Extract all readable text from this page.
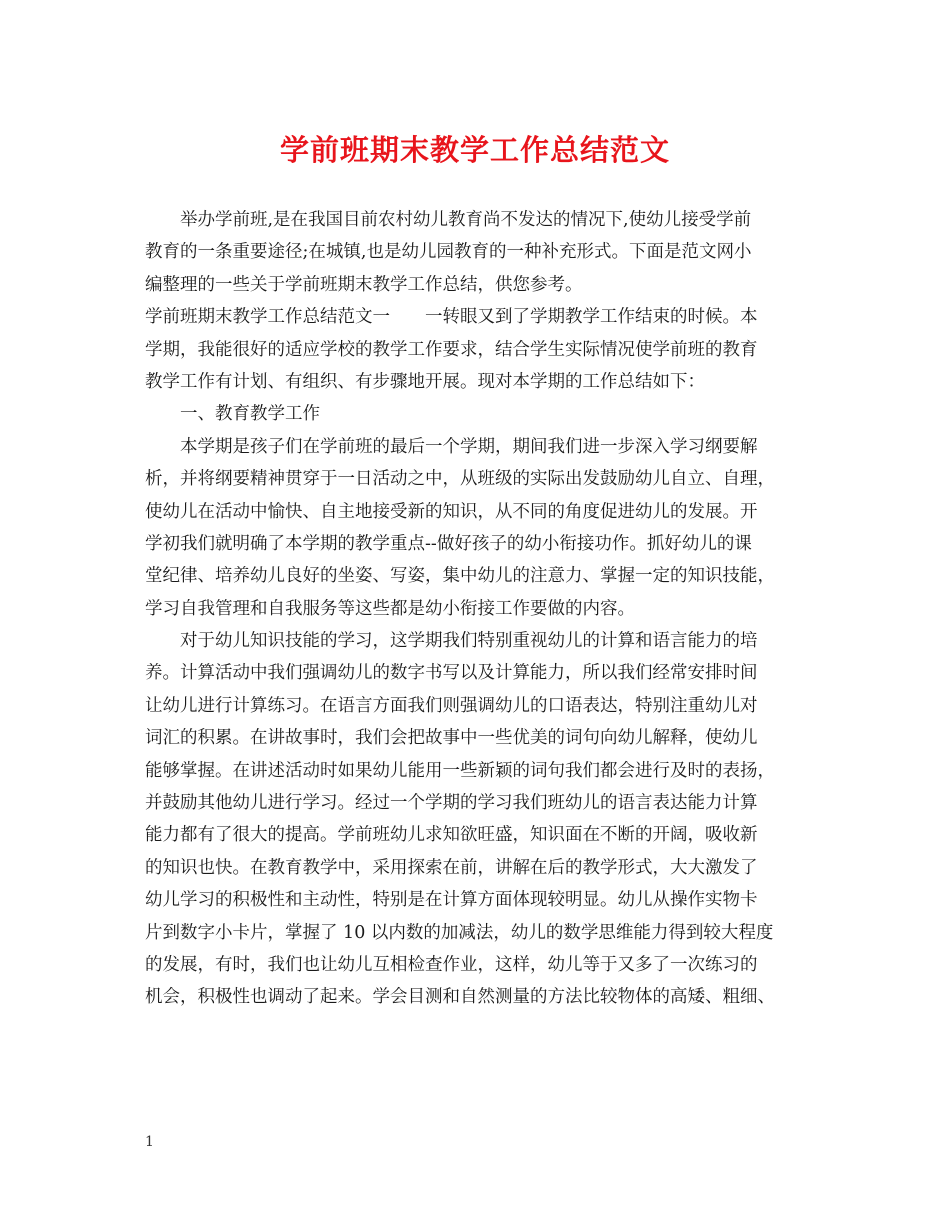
学前班期末教学工作总结范文
举办学前班,是在我国目前农村幼儿教育尚不发达的情况下,使幼儿接受学前
教育的一条重要途径;在城镇,也是幼儿园教育的一种补充形式。下面是范文网小
编整理的一些关于学前班期末教学工作总结，供您参考。
学前班期末教学工作总结范文一　　一转眼又到了学期教学工作结束的时候。本
学期，我能很好的适应学校的教学工作要求，结合学生实际情况使学前班的教育
教学工作有计划、有组织、有步骤地开展。现对本学期的工作总结如下：
一、教育教学工作
本学期是孩子们在学前班的最后一个学期，期间我们进一步深入学习纲要解
析，并将纲要精神贯穿于一日活动之中，从班级的实际出发鼓励幼儿自立、自理，
使幼儿在活动中愉快、自主地接受新的知识，从不同的角度促进幼儿的发展。开
学初我们就明确了本学期的教学重点--做好孩子的幼小衔接功作。抓好幼儿的课
堂纪律、培养幼儿良好的坐姿、写姿，集中幼儿的注意力、掌握一定的知识技能，
学习自我管理和自我服务等这些都是幼小衔接工作要做的内容。
对于幼儿知识技能的学习，这学期我们特别重视幼儿的计算和语言能力的培
养。计算活动中我们强调幼儿的数字书写以及计算能力，所以我们经常安排时间
让幼儿进行计算练习。在语言方面我们则强调幼儿的口语表达，特别注重幼儿对
词汇的积累。在讲故事时，我们会把故事中一些优美的词句向幼儿解释，使幼儿
能够掌握。在讲述活动时如果幼儿能用一些新颖的词句我们都会进行及时的表扬，
并鼓励其他幼儿进行学习。经过一个学期的学习我们班幼儿的语言表达能力计算
能力都有了很大的提高。学前班幼儿求知欲旺盛，知识面在不断的开阔，吸收新
的知识也快。在教育教学中，采用探索在前，讲解在后的教学形式，大大激发了
幼儿学习的积极性和主动性，特别是在计算方面体现较明显。幼儿从操作实物卡
片到数字小卡片，掌握了 10 以内数的加减法，幼儿的数学思维能力得到较大程度
的发展，有时，我们也让幼儿互相检查作业，这样，幼儿等于又多了一次练习的
机会，积极性也调动了起来。学会目测和自然测量的方法比较物体的高矮、粗细、
1
